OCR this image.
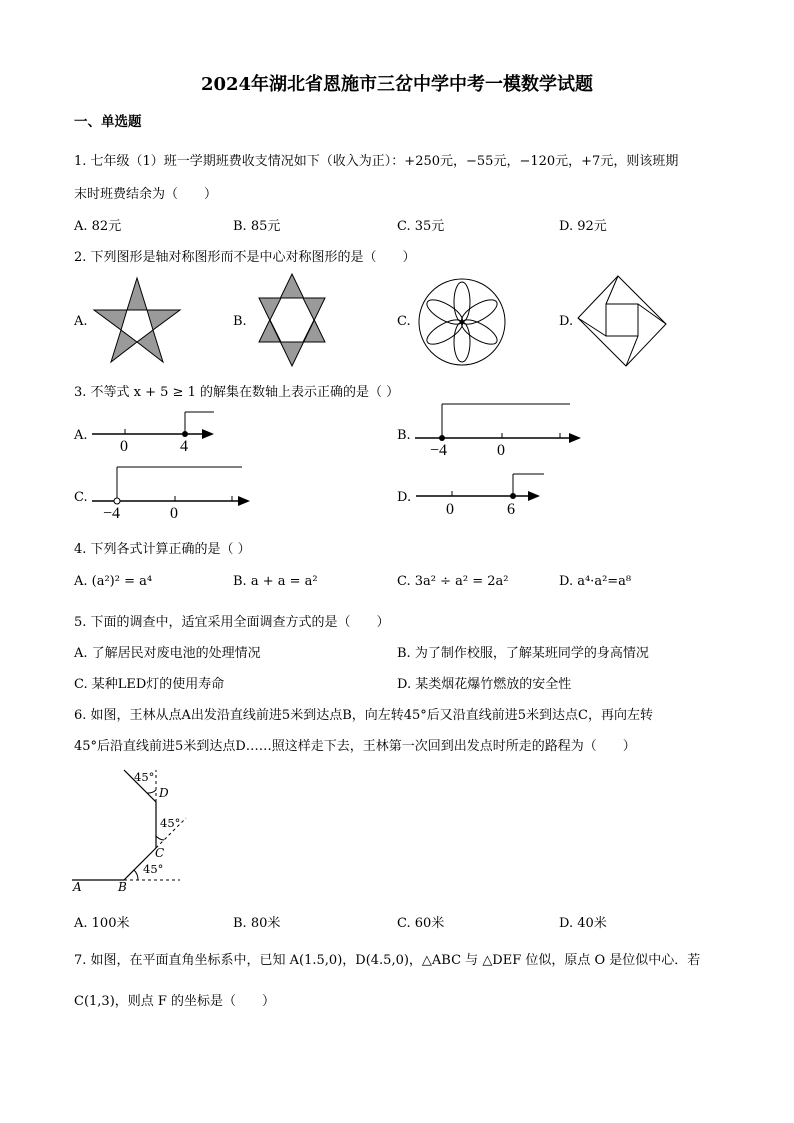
2024年湖北省恩施市三岔中学中考一模数学试题
一、单选题
1. 七年级（1）班一学期班费收支情况如下（收入为正）：+250元，−55元，−120元，+7元，则该班期
末时班费结余为（　　）
A. 82元	B. 85元	C. 35元	D. 92元
2. 下列图形是轴对称图形而不是中心对称图形的是（　　）
A.	B.	C.	D.
3. 不等式 x + 5 ≥ 1 的解集在数轴上表示正确的是（ ）
A.
0	4
B.
−4	0
C.
−4	0
D.
0	6
4. 下列各式计算正确的是（ ）
A. (a²)² = a⁴	B. a + a = a²	C. 3a² ÷ a² = 2a²	D. a⁴·a²=a⁸
5. 下面的调查中，适宜采用全面调查方式的是（　　）
A. 了解居民对废电池的处理情况	B. 为了制作校服，了解某班同学的身高情况
C. 某种LED灯的使用寿命	D. 某类烟花爆竹燃放的安全性
6. 如图，王林从点A出发沿直线前进5米到达点B，向左转45°后又沿直线前进5米到达点C，再向左转
45°后沿直线前进5米到达点D……照这样走下去，王林第一次回到出发点时所走的路程为（　　）
A	B
C
D
45°
45°
45°
A. 100米	B. 80米	C. 60米	D. 40米
7. 如图，在平面直角坐标系中，已知 A(1.5,0)，D(4.5,0)，△ABC 与 △DEF 位似，原点 O 是位似中心．若
C(1,3)，则点 F 的坐标是（　　）
